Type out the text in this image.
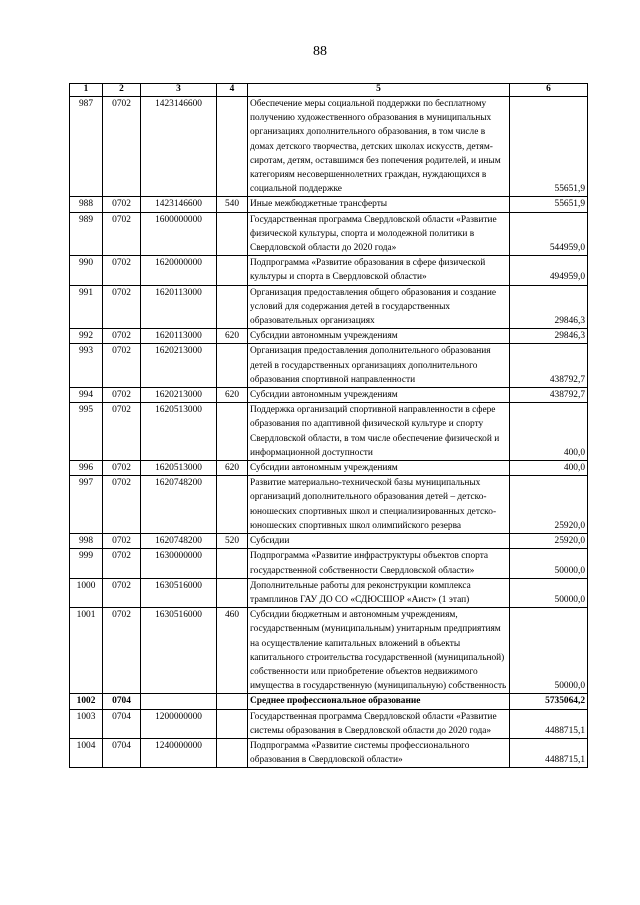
88
1	2	3	4	5	6
987	0702	1423146600		Обеспечение меры социальной поддержки по бесплатному получению художественного образования в муниципальных организациях дополнительного образования, в том числе в домах детского творчества, детских школах искусств, детям-сиротам, детям, оставшимся без попечения родителей, и иным категориям несовершеннолетних граждан, нуждающихся в социальной поддержке	55651,9
988	0702	1423146600	540	Иные межбюджетные трансферты	55651,9
989	0702	1600000000		Государственная программа Свердловской области «Развитие физической культуры, спорта и молодежной политики в Свердловской области до 2020 года»	544959,0
990	0702	1620000000		Подпрограмма «Развитие образования в сфере физической культуры и спорта в Свердловской области»	494959,0
991	0702	1620113000		Организация предоставления общего образования и создание условий для содержания детей в государственных образовательных организациях	29846,3
992	0702	1620113000	620	Субсидии автономным учреждениям	29846,3
993	0702	1620213000		Организация предоставления дополнительного образования детей в государственных организациях дополнительного образования спортивной направленности	438792,7
994	0702	1620213000	620	Субсидии автономным учреждениям	438792,7
995	0702	1620513000		Поддержка организаций спортивной направленности в сфере образования по адаптивной физической культуре и спорту Свердловской области, в том числе обеспечение физической и информационной доступности	400,0
996	0702	1620513000	620	Субсидии автономным учреждениям	400,0
997	0702	1620748200		Развитие материально-технической базы муниципальных организаций дополнительного образования детей – детско-юношеских спортивных школ и специализированных детско-юношеских спортивных школ олимпийского резерва	25920,0
998	0702	1620748200	520	Субсидии	25920,0
999	0702	1630000000		Подпрограмма «Развитие инфраструктуры объектов спорта государственной собственности Свердловской области»	50000,0
1000	0702	1630516000		Дополнительные работы для реконструкции комплекса трамплинов ГАУ ДО СО «СДЮСШОР «Аист» (1 этап)	50000,0
1001	0702	1630516000	460	Субсидии бюджетным и автономным учреждениям, государственным (муниципальным) унитарным предприятиям на осуществление капитальных вложений в объекты капитального строительства государственной (муниципальной) собственности или приобретение объектов недвижимого имущества в государственную (муниципальную) собственность	50000,0
1002	0704			Среднее профессиональное образование	5735064,2
1003	0704	1200000000		Государственная программа Свердловской области «Развитие системы образования в Свердловской области до 2020 года»	4488715,1
1004	0704	1240000000		Подпрограмма «Развитие системы профессионального образования в Свердловской области»	4488715,1
